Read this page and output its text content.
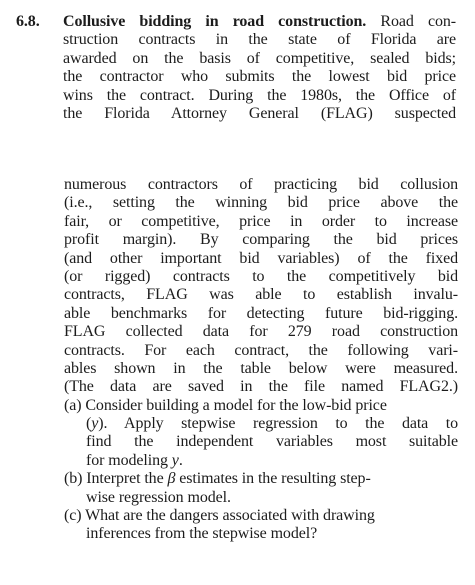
6.8. Collusive bidding in road construction. Road con-
struction contracts in the state of Florida are
awarded on the basis of competitive, sealed bids;
the contractor who submits the lowest bid price
wins the contract. During the 1980s, the Office of
the Florida Attorney General (FLAG) suspected
numerous contractors of practicing bid collusion
(i.e., setting the winning bid price above the
fair, or competitive, price in order to increase
profit margin). By comparing the bid prices
(and other important bid variables) of the fixed
(or rigged) contracts to the competitively bid
contracts, FLAG was able to establish invalu-
able benchmarks for detecting future bid-rigging.
FLAG collected data for 279 road construction
contracts. For each contract, the following vari-
ables shown in the table below were measured.
(The data are saved in the file named FLAG2.)
(a) Consider building a model for the low-bid price
(y). Apply stepwise regression to the data to
find the independent variables most suitable
for modeling y.
(b) Interpret the β estimates in the resulting step-
wise regression model.
(c) What are the dangers associated with drawing
inferences from the stepwise model?
